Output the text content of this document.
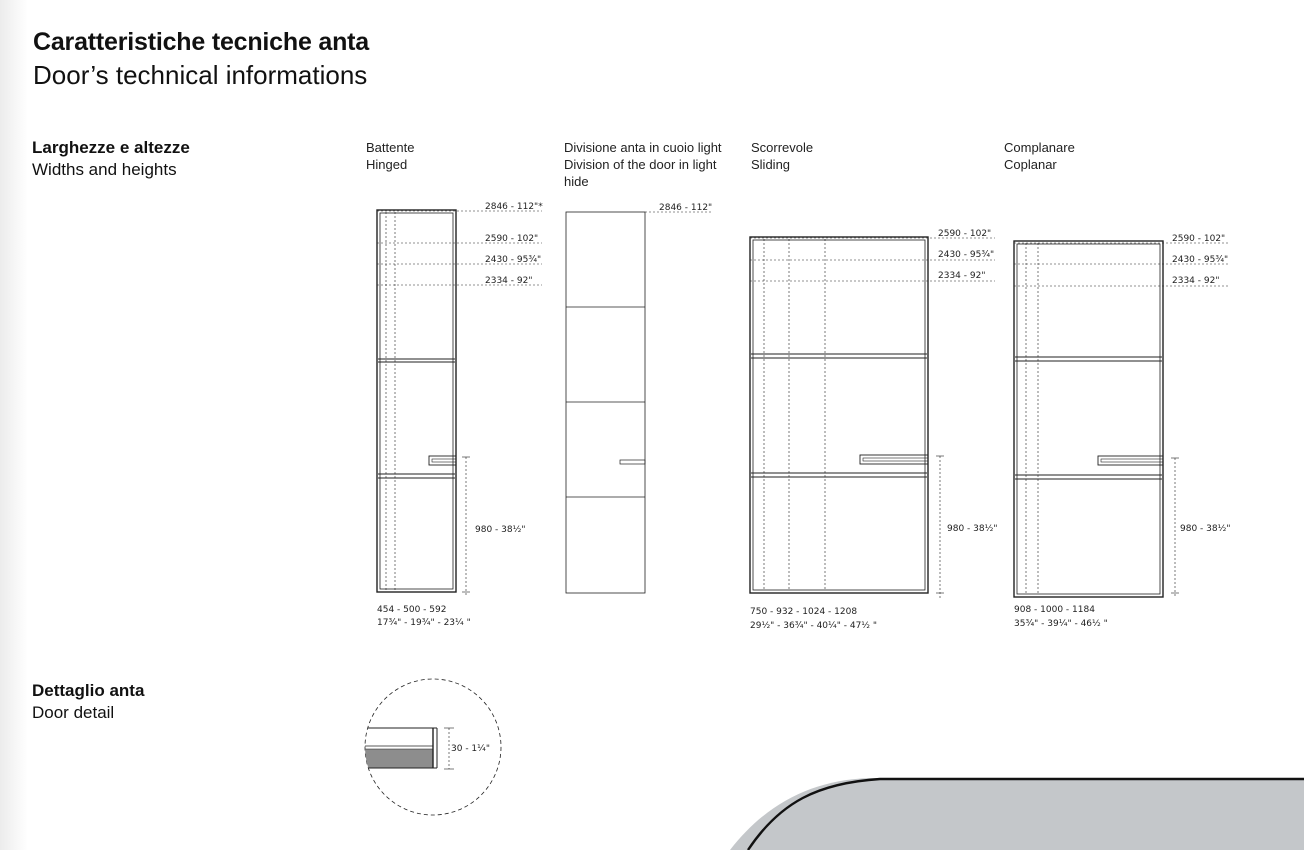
Caratteristiche tecniche anta
Door’s technical informations
Larghezze e altezze
Widths and heights
Dettaglio anta
Door detail
Battente
Hinged
Divisione anta in cuoio light
Division of the door in light
hide
Scorrevole
Sliding
Complanare
Coplanar
2846 - 112"*
2590 - 102"
2430 - 95¾"
2334 - 92"
980 - 38½"
454 - 500 - 592
17¾" - 19¾" - 23¼ "
2846 - 112"
2590 - 102"
2430 - 95¾"
2334 - 92"
980 - 38½"
750 - 932 - 1024 - 1208
29½" - 36¾" - 40¼" - 47½ "
2590 - 102"
2430 - 95¾"
2334 - 92"
980 - 38½"
908 - 1000 - 1184
35¾" - 39¼" - 46½ "
30 - 1¼"
